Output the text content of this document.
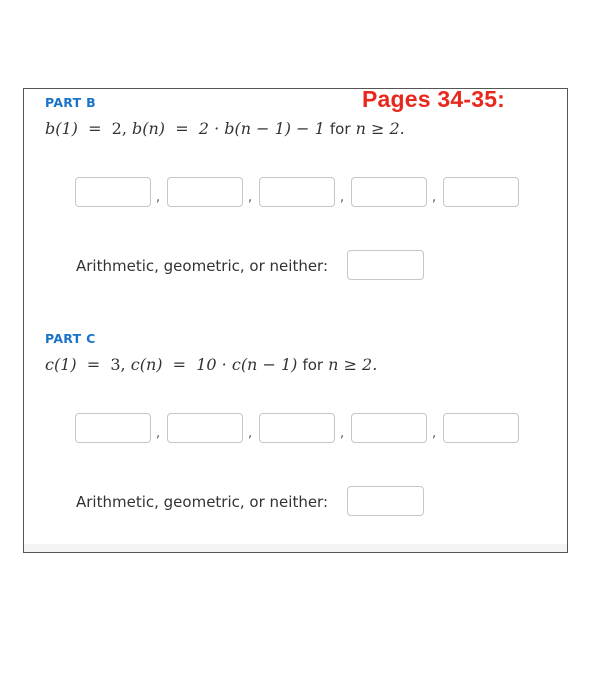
Pages 34-35:
PART B
b(1) = 2, b(n) = 2 · b(n − 1) − 1 for n ≥ 2.
,	,	,	,
Arithmetic, geometric, or neither:
PART C
c(1) = 3, c(n) = 10 · c(n − 1) for n ≥ 2.
,	,	,	,
Arithmetic, geometric, or neither:
